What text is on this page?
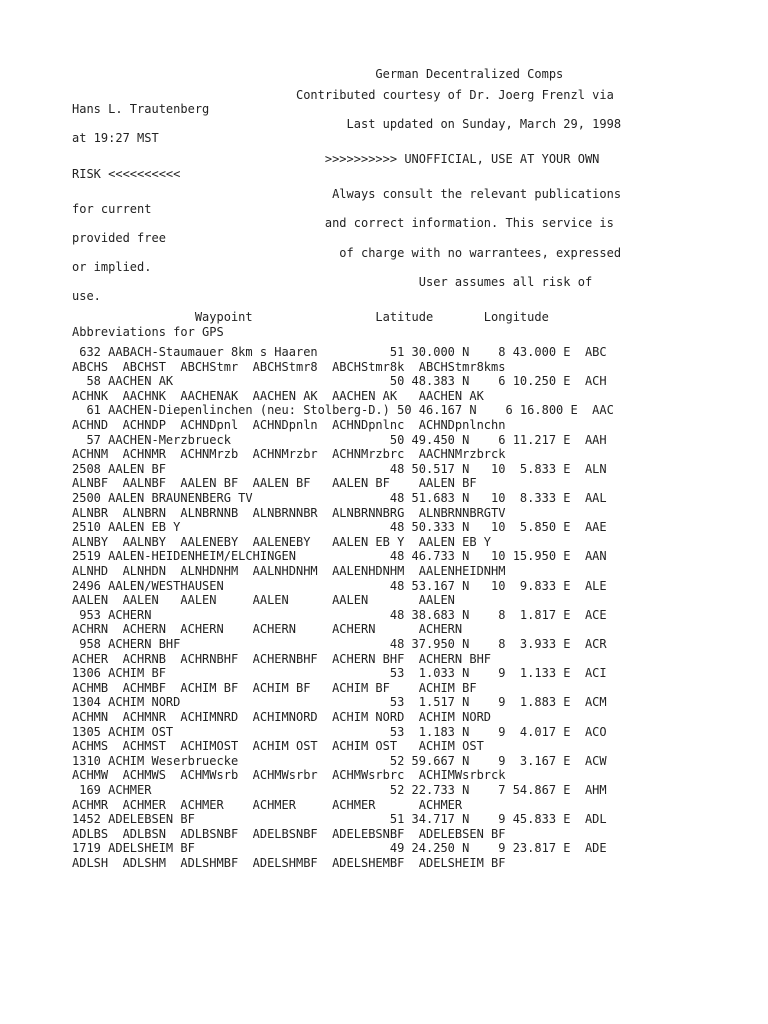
German Decentralized Comps
Contributed courtesy of Dr. Joerg Frenzl via
Hans L. Trautenberg
Last updated on Sunday, March 29, 1998
at 19:27 MST
>>>>>>>>>> UNOFFICIAL, USE AT YOUR OWN
RISK <<<<<<<<<<
Always consult the relevant publications
for current
and correct information. This service is
provided free
of charge with no warrantees, expressed
or implied.
User assumes all risk of
use.
Waypoint                 Latitude       Longitude
Abbreviations for GPS
632 AABACH-Staumauer 8km s Haaren          51 30.000 N    8 43.000 E  ABC
ABCHS  ABCHST  ABCHStmr  ABCHStmr8  ABCHStmr8k  ABCHStmr8kms
58 AACHEN AK                              50 48.383 N    6 10.250 E  ACH
ACHNK  AACHNK  AACHENAK  AACHEN AK  AACHEN AK   AACHEN AK
61 AACHEN-Diepenlinchen (neu: Stolberg-D.) 50 46.167 N    6 16.800 E  AAC
ACHND  ACHNDP  ACHNDpnl  ACHNDpnln  ACHNDpnlnc  ACHNDpnlnchn
57 AACHEN-Merzbrueck                      50 49.450 N    6 11.217 E  AAH
ACHNM  ACHNMR  ACHNMrzb  ACHNMrzbr  ACHNMrzbrc  AACHNMrzbrck
2508 AALEN BF                               48 50.517 N   10  5.833 E  ALN
ALNBF  AALNBF  AALEN BF  AALEN BF   AALEN BF    AALEN BF
2500 AALEN BRAUNENBERG TV                   48 51.683 N   10  8.333 E  AAL
ALNBR  ALNBRN  ALNBRNNB  ALNBRNNBR  ALNBRNNBRG  ALNBRNNBRGTV
2510 AALEN EB Y                             48 50.333 N   10  5.850 E  AAE
ALNBY  AALNBY  AALENEBY  AALENEBY   AALEN EB Y  AALEN EB Y
2519 AALEN-HEIDENHEIM/ELCHINGEN             48 46.733 N   10 15.950 E  AAN
ALNHD  ALNHDN  ALNHDNHM  AALNHDNHM  AALENHDNHM  AALENHEIDNHM
2496 AALEN/WESTHAUSEN                       48 53.167 N   10  9.833 E  ALE
AALEN  AALEN   AALEN     AALEN      AALEN       AALEN
953 ACHERN                                 48 38.683 N    8  1.817 E  ACE
ACHRN  ACHERN  ACHERN    ACHERN     ACHERN      ACHERN
958 ACHERN BHF                             48 37.950 N    8  3.933 E  ACR
ACHER  ACHRNB  ACHRNBHF  ACHERNBHF  ACHERN BHF  ACHERN BHF
1306 ACHIM BF                               53  1.033 N    9  1.133 E  ACI
ACHMB  ACHMBF  ACHIM BF  ACHIM BF   ACHIM BF    ACHIM BF
1304 ACHIM NORD                             53  1.517 N    9  1.883 E  ACM
ACHMN  ACHMNR  ACHIMNRD  ACHIMNORD  ACHIM NORD  ACHIM NORD
1305 ACHIM OST                              53  1.183 N    9  4.017 E  ACO
ACHMS  ACHMST  ACHIMOST  ACHIM OST  ACHIM OST   ACHIM OST
1310 ACHIM Weserbruecke                     52 59.667 N    9  3.167 E  ACW
ACHMW  ACHMWS  ACHMWsrb  ACHMWsrbr  ACHMWsrbrc  ACHIMWsrbrck
169 ACHMER                                 52 22.733 N    7 54.867 E  AHM
ACHMR  ACHMER  ACHMER    ACHMER     ACHMER      ACHMER
1452 ADELEBSEN BF                           51 34.717 N    9 45.833 E  ADL
ADLBS  ADLBSN  ADLBSNBF  ADELBSNBF  ADELEBSNBF  ADELEBSEN BF
1719 ADELSHEIM BF                           49 24.250 N    9 23.817 E  ADE
ADLSH  ADLSHM  ADLSHMBF  ADELSHMBF  ADELSHEMBF  ADELSHEIM BF
